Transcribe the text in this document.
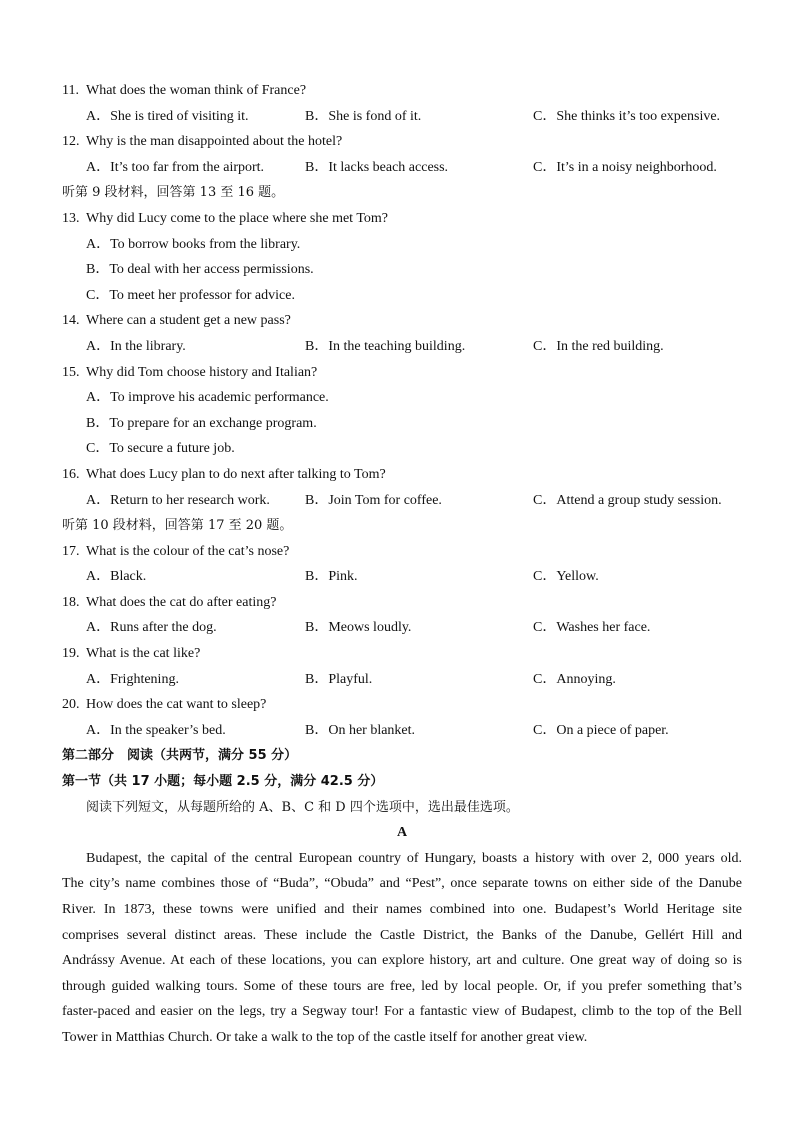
11. What does the woman think of France?
A．She is tired of visiting it.	B．She is fond of it.	C．She thinks it’s too expensive.
12. Why is the man disappointed about the hotel?
A．It’s too far from the airport.	B．It lacks beach access.	C．It’s in a noisy neighborhood.
听第 9 段材料，回答第 13 至 16 题。
13. Why did Lucy come to the place where she met Tom?
A．To borrow books from the library.
B．To deal with her access permissions.
C．To meet her professor for advice.
14. Where can a student get a new pass?
A．In the library.	B．In the teaching building.	C．In the red building.
15. Why did Tom choose history and Italian?
A．To improve his academic performance.
B．To prepare for an exchange program.
C．To secure a future job.
16. What does Lucy plan to do next after talking to Tom?
A．Return to her research work.	B．Join Tom for coffee.	C．Attend a group study session.
听第 10 段材料，回答第 17 至 20 题。
17. What is the colour of the cat’s nose?
A．Black.	B．Pink.	C．Yellow.
18. What does the cat do after eating?
A．Runs after the dog.	B．Meows loudly.	C．Washes her face.
19. What is the cat like?
A．Frightening.	B．Playful.	C．Annoying.
20. How does the cat want to sleep?
A．In the speaker’s bed.	B．On her blanket.	C．On a piece of paper.
第二部分　阅读（共两节，满分 55 分）
第一节（共 17 小题；每小题 2.5 分，满分 42.5 分）
阅读下列短文，从每题所给的 A、B、C 和 D 四个选项中，选出最佳选项。
A
Budapest, the capital of the central European country of Hungary, boasts a history with over 2, 000 years old.
The city’s name combines those of “Buda”, “Obuda” and “Pest”, once separate towns on either side of the Danube
River. In 1873, these towns were unified and their names combined into one. Budapest’s World Heritage site
comprises several distinct areas. These include the Castle District, the Banks of the Danube, Gellért Hill and
Andrássy Avenue. At each of these locations, you can explore history, art and culture. One great way of doing so is
through guided walking tours. Some of these tours are free, led by local people. Or, if you prefer something that’s
faster-paced and easier on the legs, try a Segway tour! For a fantastic view of Budapest, climb to the top of the Bell
Tower in Matthias Church. Or take a walk to the top of the castle itself for another great view.
